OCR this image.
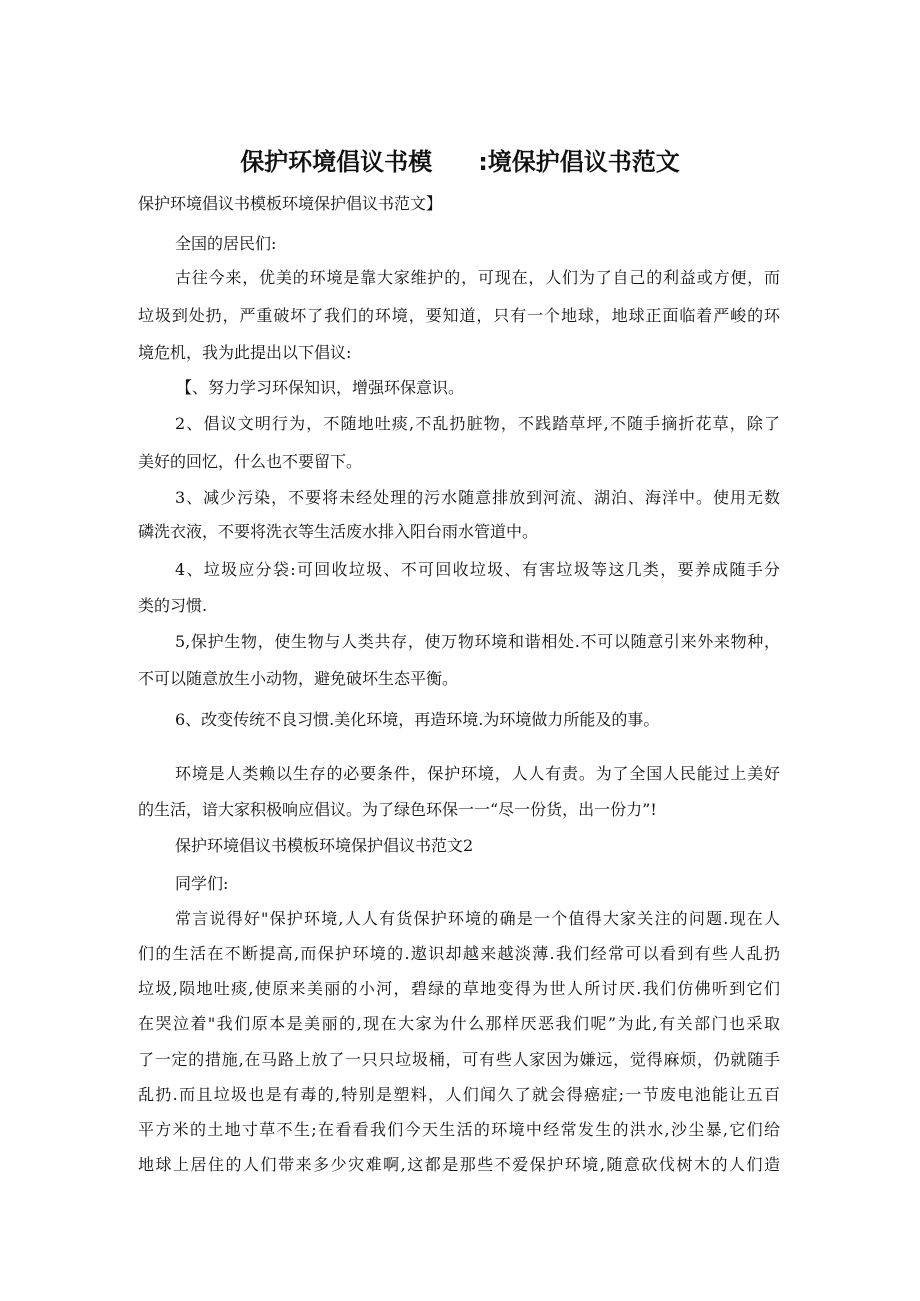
保护环境倡议书模 :境保护倡议书范文
保护环境倡议书模板环境保护倡议书范文】
全国的居民们:
古往今来，优美的环境是靠大家维护的，可现在，人们为了自己的利益或方便，而
垃圾到处扔，严重破坏了我们的环境，要知道，只有一个地球，地球正面临着严峻的环
境危机，我为此提出以下倡议:
【、努力学习环保知识，增强环保意识。
2、倡议文明行为，不随地吐痰,不乱扔脏物，不践踏草坪,不随手摘折花草，除了
美好的回忆，什么也不要留下。
3、减少污染，不要将未经处理的污水随意排放到河流、湖泊、海洋中。使用无数
磷洗衣液，不要将洗衣等生活废水排入阳台雨水管道中。
4、垃圾应分袋:可回收垃圾、不可回收垃圾、有害垃圾等这几类，要养成随手分
类的习惯.
5,保护生物，使生物与人类共存，使万物环境和谐相处.不可以随意引来外来物种，
不可以随意放生小动物，避免破坏生态平衡。
6、改变传统不良习惯.美化环境，再造环境.为环境做力所能及的事。
环境是人类赖以生存的必要条件，保护环境，人人有责。为了全国人民能过上美好
的生活，谙大家积极响应倡议。为了绿色环保一一“尽一份货，出一份力”!
保护环境倡议书模板环境保护倡议书范文2
同学们:
常言说得好"保护环境,人人有货保护环境的确是一个值得大家关注的问题.现在人
们的生活在不断提高,而保护环境的.遨识却越来越淡薄.我们经常可以看到有些人乱扔
垃圾,陨地吐痰,使原来美丽的小河，碧绿的草地变得为世人所讨厌.我们仿佛听到它们
在哭泣着"我们原本是美丽的,现在大家为什么那样厌恶我们呢”为此,有关部门也采取
了一定的措施,在马路上放了一只只垃圾桶，可有些人家因为嫌远，觉得麻烦，仍就随手
乱扔.而且垃圾也是有毒的,特别是塑料，人们闻久了就会得癌症;一节废电池能让五百
平方米的土地寸草不生;在看看我们今天生活的环境中经常发生的洪水,沙尘暴,它们给
地球上居住的人们带来多少灾难啊,这都是那些不爱保护环境,随意砍伐树木的人们造
